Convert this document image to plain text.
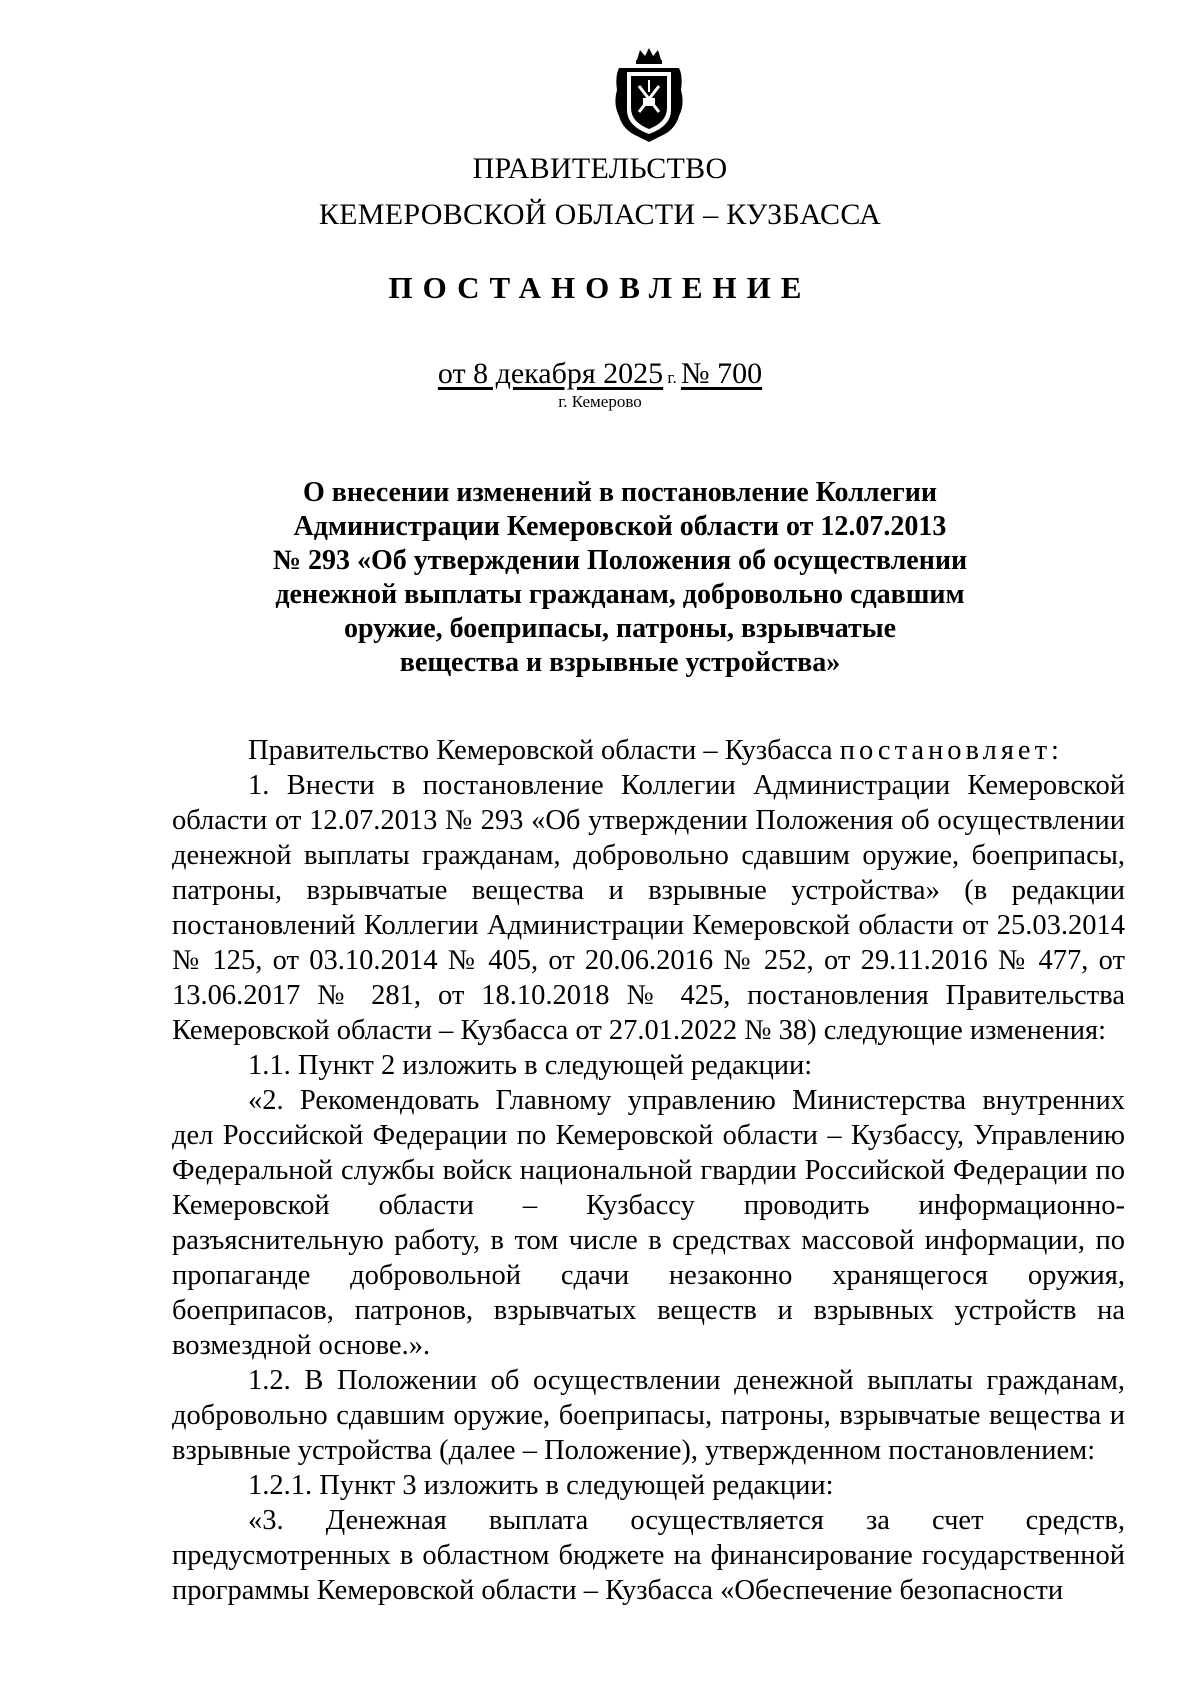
ПРАВИТЕЛЬСТВО
КЕМЕРОВСКОЙ ОБЛАСТИ – КУЗБАССА
ПОСТАНОВЛЕНИЕ
от 8 декабря 2025 г. № 700
г. Кемерово
О внесении изменений в постановление Коллегии
Администрации Кемеровской области от 12.07.2013
№ 293 «Об утверждении Положения об осуществлении
денежной выплаты гражданам, добровольно сдавшим
оружие, боеприпасы, патроны, взрывчатые
вещества и взрывные устройства»

Правительство Кемеровской области – Кузбасса постановляет:

1. Внести в постановление Коллегии Администрации Кемеровской области от 12.07.2013 № 293 «Об утверждении Положения об осуществлении денежной выплаты гражданам, добровольно сдавшим оружие, боеприпасы, патроны, взрывчатые вещества и взрывные устройства» (в редакции постановлений Коллегии Администрации Кемеровской области от 25.03.2014 № 125, от 03.10.2014 № 405, от 20.06.2016 № 252, от 29.11.2016 № 477, от 13.06.2017 № 281, от 18.10.2018 № 425, постановления Правительства Кемеровской области – Кузбасса от 27.01.2022 № 38) следующие изменения:

1.1. Пункт 2 изложить в следующей редакции:

«2. Рекомендовать Главному управлению Министерства внутренних дел Российской Федерации по Кемеровской области – Кузбассу, Управлению Федеральной службы войск национальной гвардии Российской Федерации по Кемеровской области – Кузбассу проводить информационно-разъяснительную работу, в том числе в средствах массовой информации, по пропаганде добровольной сдачи незаконно хранящегося оружия, боеприпасов, патронов, взрывчатых веществ и взрывных устройств на возмездной основе.».

1.2. В Положении об осуществлении денежной выплаты гражданам, добровольно сдавшим оружие, боеприпасы, патроны, взрывчатые вещества и взрывные устройства (далее – Положение), утвержденном постановлением:

1.2.1. Пункт 3 изложить в следующей редакции:

«3. Денежная выплата осуществляется за счет средств, предусмотренных в областном бюджете на финансирование государственной программы Кемеровской области – Кузбасса «Обеспечение безопасности
